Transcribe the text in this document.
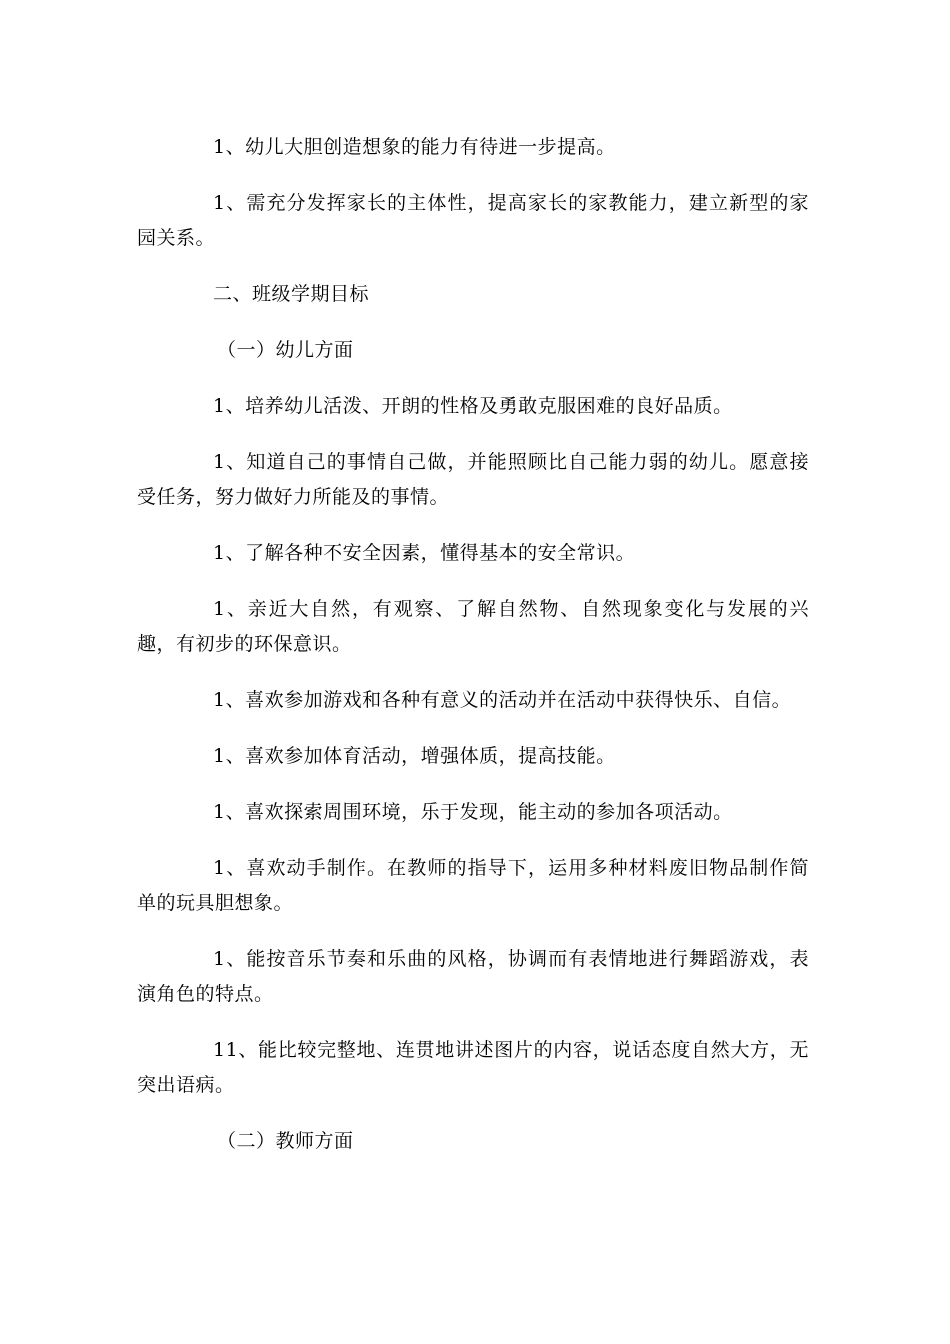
1、幼儿大胆创造想象的能力有待进一步提高。

1、需充分发挥家长的主体性，提高家长的家教能力，建立新型的家园关系。

二、班级学期目标

（一）幼儿方面

1、培养幼儿活泼、开朗的性格及勇敢克服困难的良好品质。

1、知道自己的事情自己做，并能照顾比自己能力弱的幼儿。愿意接受任务，努力做好力所能及的事情。

1、了解各种不安全因素，懂得基本的安全常识。

1、亲近大自然，有观察、了解自然物、自然现象变化与发展的兴趣，有初步的环保意识。

1、喜欢参加游戏和各种有意义的活动并在活动中获得快乐、自信。

1、喜欢参加体育活动，增强体质，提高技能。

1、喜欢探索周围环境，乐于发现，能主动的参加各项活动。

1、喜欢动手制作。在教师的指导下，运用多种材料废旧物品制作简单的玩具胆想象。

1、能按音乐节奏和乐曲的风格，协调而有表情地进行舞蹈游戏，表演角色的特点。

11、能比较完整地、连贯地讲述图片的内容，说话态度自然大方，无突出语病。

（二）教师方面
